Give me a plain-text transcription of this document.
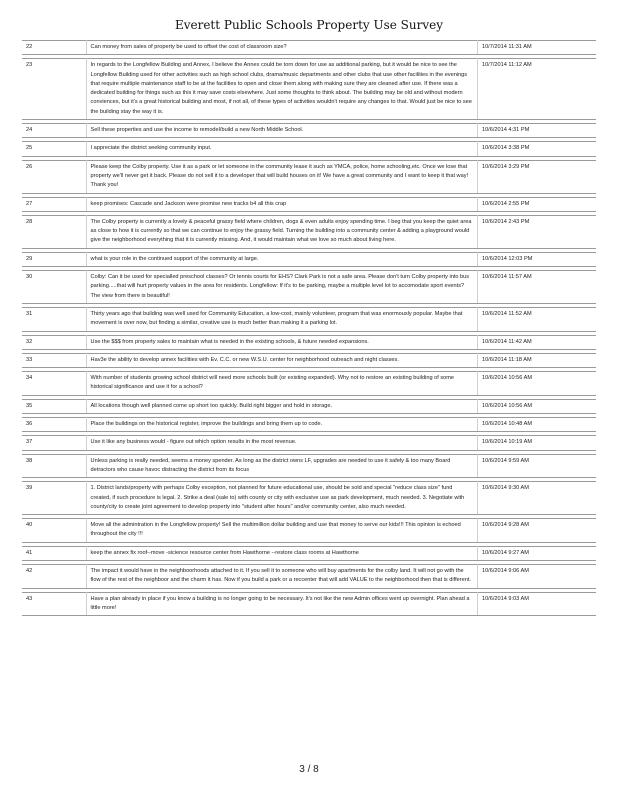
Everett Public Schools Property Use Survey
22	Can money from sales of property be used to offset the cost of classroom size?	10/7/2014 11:31 AM

23	In regards to the Longfellow Building and Annex, I believe the Annex could be torn down for use as additional parking, but it would be nice to see the Longfellow Building used for other activities such as high school clubs, drama/music departments and other clubs that use other facilities in the evenings that require multiple maintenance staff to be at the facilities to open and close them along with making sure they are cleaned after use. If there was a dedicated building for things such as this it may save costs elsewhere. Just some thoughts to think about. The building may be old and without modern conviences, but it's a great historical building and most, if not all, of these types of activities wouldn't require any changes to that. Would just be nice to see the building stay the way it is.	10/7/2014 11:12 AM

24	Sell these properties and use the income to remodel/build a new North Middle School.	10/6/2014 4:31 PM

25	I appreciate the district seeking community input.	10/6/2014 3:38 PM

26	Please keep the Colby property. Use it as a park or let someone in the community lease it such as YMCA, police, home schooling,etc. Once we lose that property we'll never get it back. Please do not sell it to a developer that will build houses on it! We have a great community and I want to keep it that way! Thank you!	10/6/2014 3:29 PM

27	keep promises: Cascade and Jackson were promise new tracks b4 all this crap	10/6/2014 2:55 PM

28	The Colby property is currently a lovely & peaceful grassy field where children, dogs & even adults enjoy spending time. I beg that you keep the quiet area as close to how it is currently so that we can continue to enjoy the grassy field. Turning the building into a community center & adding a playground would give the neighborhood everything that it is currently missing. And, it would maintain what we love so much about living here.	10/6/2014 2:43 PM

29	what is your role in the continued support of the community at large.	10/6/2014 12:03 PM

30	Colby: Can it be used for specialled preschool classes? Or tennis courts for EHS? Clark Park is not a safe area. Please don't turn Colby property into bus parking.....that will hurt property values in the area for residents. Longfellow: If it's to be parking, maybe a multiple level lot to accomodate sport events? The view from there is beautiful!	10/6/2014 11:57 AM

31	Thirty years ago that building was well used for Community Education, a low-cost, mainly volunteer, program that was enormously popular. Maybe that movement is over now, but finding a similar, creative use is much better than making it a parking lot.	10/6/2014 11:52 AM

32	Use the $$$ from property sales to maintain what is needed in the existing schools, & future needed expansions.	10/6/2014 11:42 AM

33	Hav3e the ability to develop annex facilities with Ev. C.C. or new W.S.U. center for neighborhood outreach and night classes.	10/6/2014 11:18 AM

34	With number of students growing school district will need more schools built (or existing expanded). Why not to restore an existing building of some historical significance and use it for a school?	10/6/2014 10:56 AM

35	All locations though well planned come up short too quickly. Build right bigger and hold in storage.	10/6/2014 10:56 AM

36	Place the buildings on the historical register, improve the buildings and bring them up to code.	10/6/2014 10:48 AM

37	Use it like any business would - figure out which option results in the most revenue.	10/6/2014 10:19 AM

38	Unless parking is really needed, seems a money spender. As long as the district owns LF, upgrades are needed to use it safely & too many Board detractors who cause havoc distracting the district from its focus	10/6/2014 9:59 AM

39	1. District lands/property with perhaps Colby exception, not planned for future educational use, should be sold and special "reduce class size" fund created, if such procedure is legal. 2. Strike a deal (sale to) with county or city with exclusive use as park development, much needed. 3. Negotiate with county/city to create joint agreement to develop property into "student after hours" and/or community center, also much needed.	10/6/2014 9:30 AM

40	Move all the admintration in the Longfellow property! Sell the multimillion dollar building and use that money to serve our kids!!! This opinion is echoed throughout the city !!!	10/6/2014 9:28 AM

41	keep the annex fix roof--move -sicience resource center from Hawthorne --restore class rooms at Hawthorne	10/6/2014 9:27 AM

42	The impact it would have in the neighboorhoods attached to it. If you sell it to someone who will buy apartments for the colby land. It will not go with the flow of the rest of the neighboor and the charm it has. Now if you build a park or a reccenter that will add VALUE to the neighborhood then that is different.	10/6/2014 9:06 AM

43	Have a plan already in place if you know a building is no longer going to be necessary. It's not like the new Admin offices went up overnight. Plan ahead a little more!	10/6/2014 9:03 AM
3 / 8
